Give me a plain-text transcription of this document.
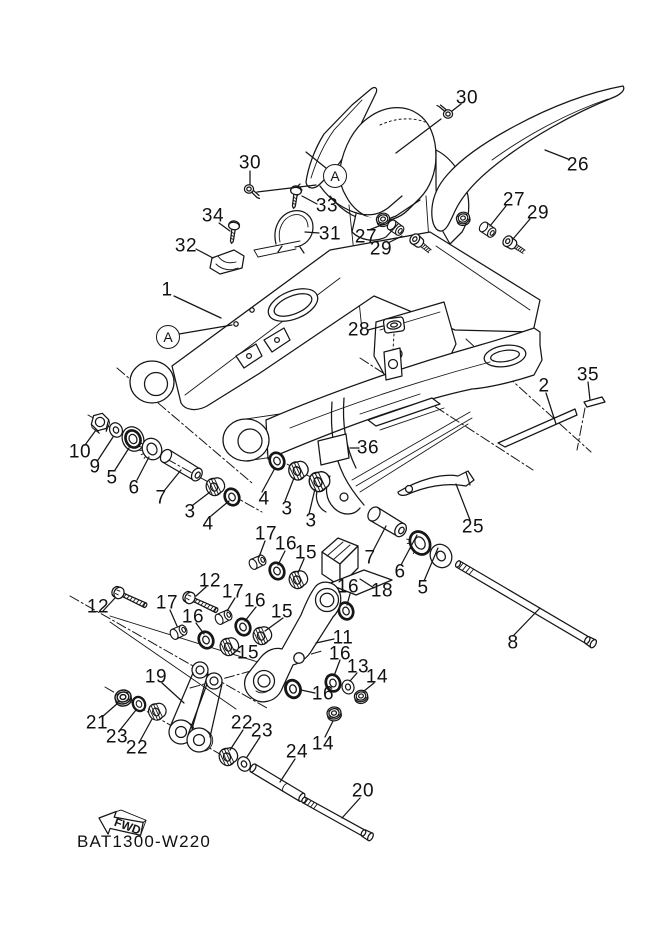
FWD
BAT1300-W220
A
A
30
30
26
33
34
31
32	27
29
27
29
1
28
2
35
36
10
9
5 6 7
3
4
4 3
3	25
17
16
15 7
6
5
16 18
8
12
12
17
17
16
16
15
15
11
16
13
14
16
19
21
23
22
22
23
24 14
20
